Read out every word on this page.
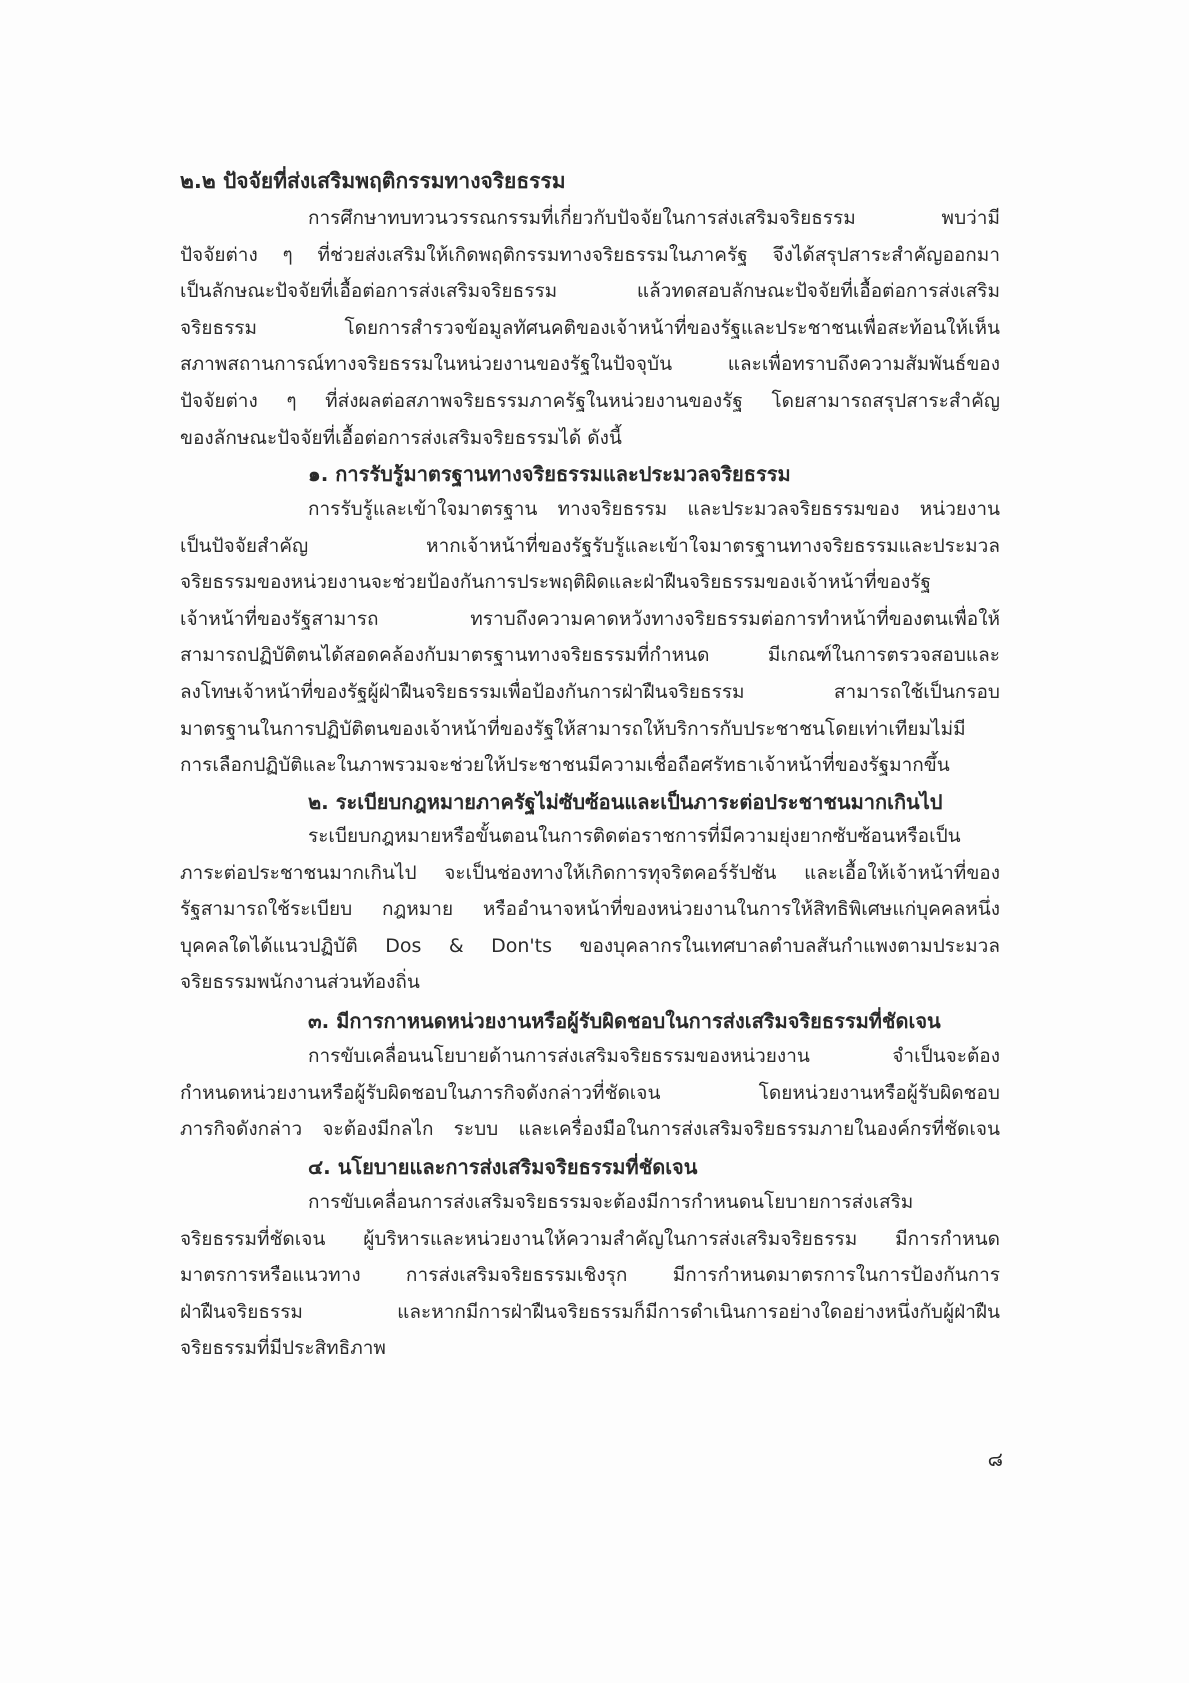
๒.๒ ปัจจัยที่ส่งเสริมพฤติกรรมทางจริยธรรม
การศึกษาทบทวนวรรณกรรมที่เกี่ยวกับปัจจัยในการส่งเสริมจริยธรรม พบว่ามี
ปัจจัยต่าง ๆ ที่ช่วยส่งเสริมให้เกิดพฤติกรรมทางจริยธรรมในภาครัฐ จึงได้สรุปสาระสำคัญออกมา
เป็นลักษณะปัจจัยที่เอื้อต่อการส่งเสริมจริยธรรม แล้วทดสอบลักษณะปัจจัยที่เอื้อต่อการส่งเสริม
จริยธรรม โดยการสำรวจข้อมูลทัศนคติของเจ้าหน้าที่ของรัฐและประชาชนเพื่อสะท้อนให้เห็น
สภาพสถานการณ์ทางจริยธรรมในหน่วยงานของรัฐในปัจจุบัน และเพื่อทราบถึงความสัมพันธ์ของ
ปัจจัยต่าง ๆ ที่ส่งผลต่อสภาพจริยธรรมภาครัฐในหน่วยงานของรัฐ โดยสามารถสรุปสาระสำคัญ
ของลักษณะปัจจัยที่เอื้อต่อการส่งเสริมจริยธรรมได้ ดังนี้
๑. การรับรู้มาตรฐานทางจริยธรรมและประมวลจริยธรรม
การรับรู้และเข้าใจมาตรฐาน ทางจริยธรรม และประมวลจริยธรรมของ หน่วยงาน
เป็นปัจจัยสำคัญ หากเจ้าหน้าที่ของรัฐรับรู้และเข้าใจมาตรฐานทางจริยธรรมและประมวล
จริยธรรมของหน่วยงานจะช่วยป้องกันการประพฤติผิดและฝ่าฝืนจริยธรรมของเจ้าหน้าที่ของรัฐ
เจ้าหน้าที่ของรัฐสามารถ ทราบถึงความคาดหวังทางจริยธรรมต่อการทำหน้าที่ของตนเพื่อให้
สามารถปฏิบัติตนได้สอดคล้องกับมาตรฐานทางจริยธรรมที่กำหนด มีเกณฑ์ในการตรวจสอบและ
ลงโทษเจ้าหน้าที่ของรัฐผู้ฝ่าฝืนจริยธรรมเพื่อป้องกันการฝ่าฝืนจริยธรรม สามารถใช้เป็นกรอบ
มาตรฐานในการปฏิบัติตนของเจ้าหน้าที่ของรัฐให้สามารถให้บริการกับประชาชนโดยเท่าเทียมไม่มี
การเลือกปฏิบัติและในภาพรวมจะช่วยให้ประชาชนมีความเชื่อถือศรัทธาเจ้าหน้าที่ของรัฐมากขึ้น
๒. ระเบียบกฎหมายภาครัฐไม่ซับซ้อนและเป็นภาระต่อประชาชนมากเกินไป
ระเบียบกฎหมายหรือขั้นตอนในการติดต่อราชการที่มีความยุ่งยากซับซ้อนหรือเป็น
ภาระต่อประชาชนมากเกินไป จะเป็นช่องทางให้เกิดการทุจริตคอร์รัปชัน และเอื้อให้เจ้าหน้าที่ของ
รัฐสามารถใช้ระเบียบ กฎหมาย หรืออำนาจหน้าที่ของหน่วยงานในการให้สิทธิพิเศษแก่บุคคลหนึ่ง
บุคคลใดได้แนวปฏิบัติ Dos & Don'ts ของบุคลากรในเทศบาลตำบลสันกำแพงตามประมวล
จริยธรรมพนักงานส่วนท้องถิ่น
๓. มีการกาหนดหน่วยงานหรือผู้รับผิดชอบในการส่งเสริมจริยธรรมที่ชัดเจน
การขับเคลื่อนนโยบายด้านการส่งเสริมจริยธรรมของหน่วยงาน จำเป็นจะต้อง
กำหนดหน่วยงานหรือผู้รับผิดชอบในภารกิจดังกล่าวที่ชัดเจน โดยหน่วยงานหรือผู้รับผิดชอบ
ภารกิจดังกล่าว จะต้องมีกลไก ระบบ และเครื่องมือในการส่งเสริมจริยธรรมภายในองค์กรที่ชัดเจน
๔. นโยบายและการส่งเสริมจริยธรรมที่ชัดเจน
การขับเคลื่อนการส่งเสริมจริยธรรมจะต้องมีการกำหนดนโยบายการส่งเสริม
จริยธรรมที่ชัดเจน ผู้บริหารและหน่วยงานให้ความสำคัญในการส่งเสริมจริยธรรม มีการกำหนด
มาตรการหรือแนวทาง การส่งเสริมจริยธรรมเชิงรุก มีการกำหนดมาตรการในการป้องกันการ
ฝ่าฝืนจริยธรรม และหากมีการฝ่าฝืนจริยธรรมก็มีการดำเนินการอย่างใดอย่างหนึ่งกับผู้ฝ่าฝืน
จริยธรรมที่มีประสิทธิภาพ
๘
